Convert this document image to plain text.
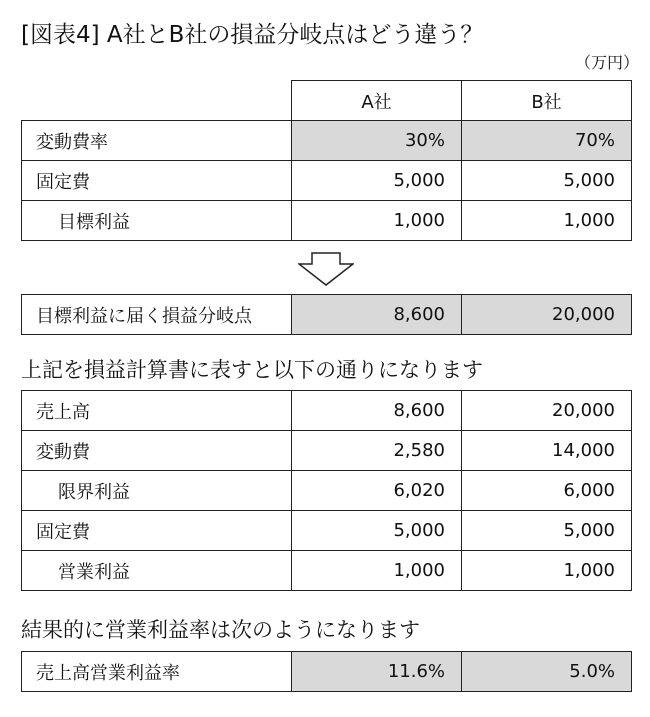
[図表4] A社とB社の損益分岐点はどう違う？
（万円）
	A社	B社
変動費率	30%	70%
固定費	5,000	5,000
目標利益	1,000	1,000
目標利益に届く損益分岐点	8,600	20,000
上記を損益計算書に表すと以下の通りになります
売上高	8,600	20,000
変動費	2,580	14,000
限界利益	6,020	6,000
固定費	5,000	5,000
営業利益	1,000	1,000
結果的に営業利益率は次のようになります
売上高営業利益率	11.6%	5.0%
